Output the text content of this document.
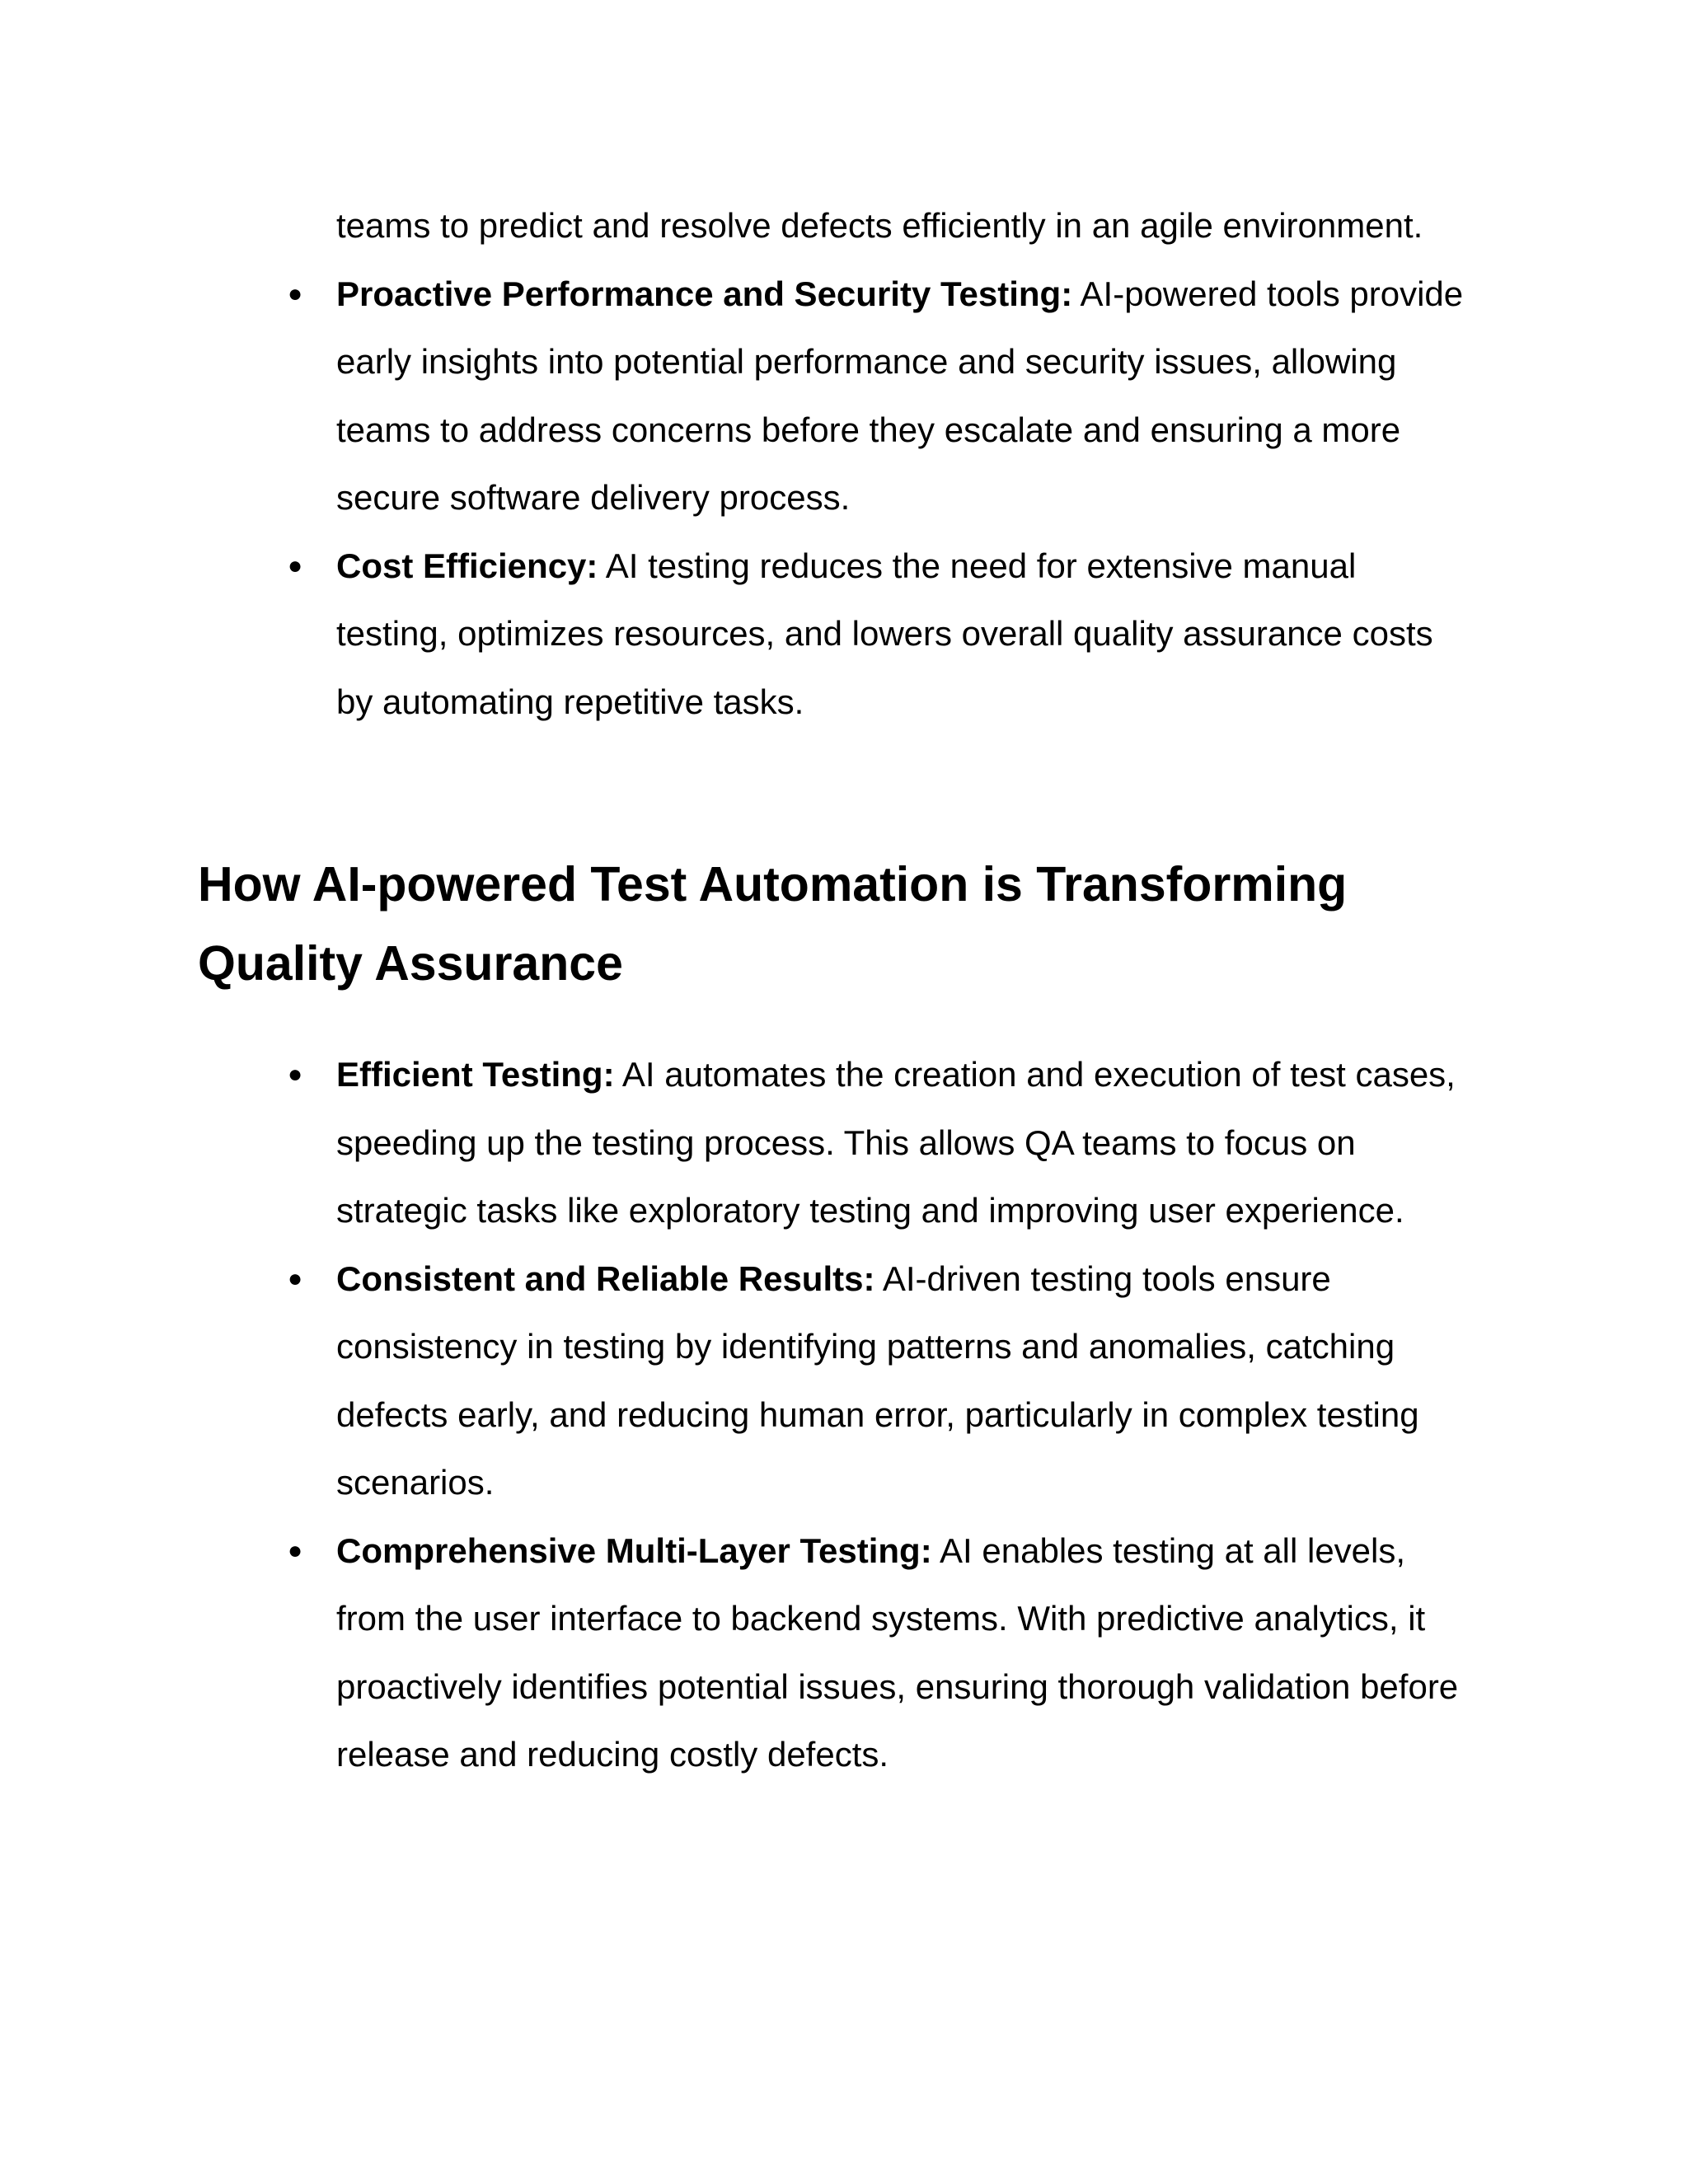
teams to predict and resolve defects efficiently in an agile environment.
● Proactive Performance and Security Testing: AI-powered tools provide early insights into potential performance and security issues, allowing teams to address concerns before they escalate and ensuring a more secure software delivery process.
● Cost Efficiency: AI testing reduces the need for extensive manual testing, optimizes resources, and lowers overall quality assurance costs by automating repetitive tasks.
How AI-powered Test Automation is Transforming Quality Assurance
● Efficient Testing: AI automates the creation and execution of test cases, speeding up the testing process. This allows QA teams to focus on strategic tasks like exploratory testing and improving user experience.
● Consistent and Reliable Results: AI-driven testing tools ensure consistency in testing by identifying patterns and anomalies, catching defects early, and reducing human error, particularly in complex testing scenarios.
● Comprehensive Multi-Layer Testing: AI enables testing at all levels, from the user interface to backend systems. With predictive analytics, it proactively identifies potential issues, ensuring thorough validation before release and reducing costly defects.
